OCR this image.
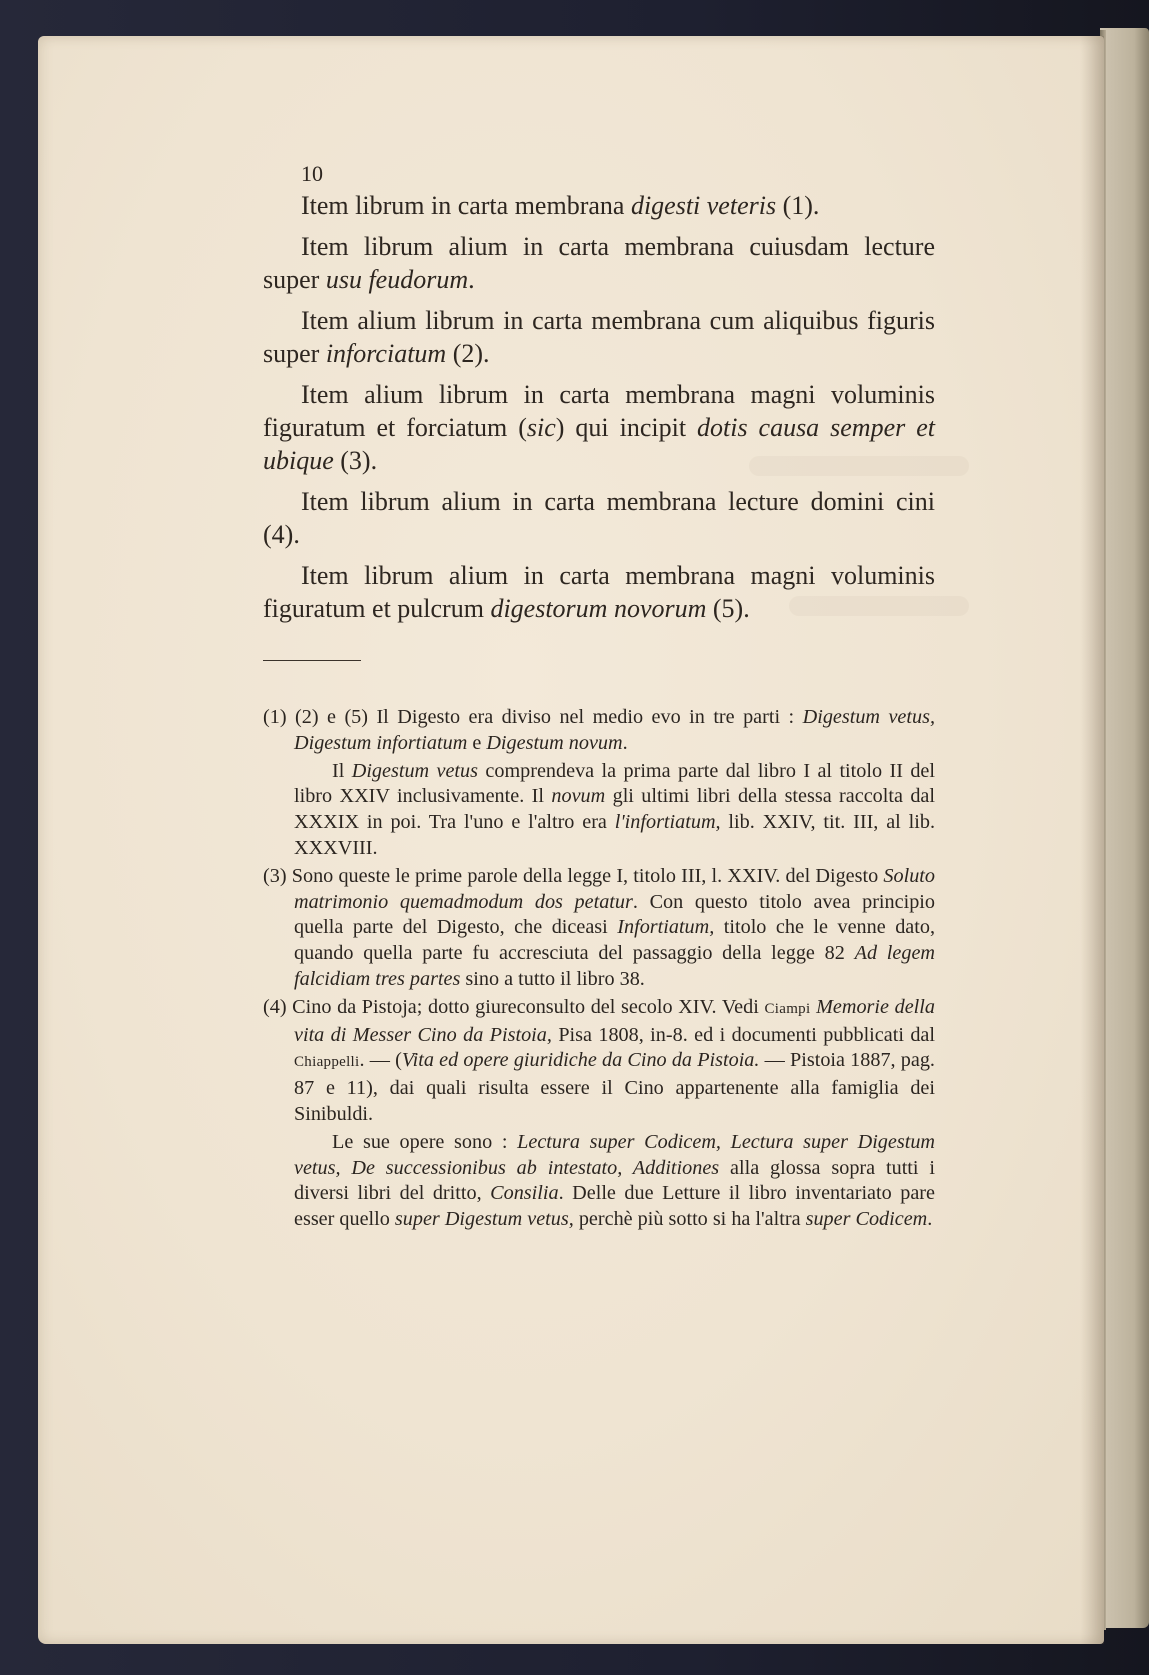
10

Item librum in carta membrana digesti veteris (1).

Item librum alium in carta membrana cuiusdam lecture super usu feudorum.

Item alium librum in carta membrana cum aliquibus figuris super inforciatum (2).

Item alium librum in carta membrana magni voluminis figuratum et forciatum (sic) qui incipit dotis causa semper et ubique (3).

Item librum alium in carta membrana lecture domini cini (4).

Item librum alium in carta membrana magni voluminis figuratum et pulcrum digestorum novorum (5).

(1) (2) e (5) Il Digesto era diviso nel medio evo in tre parti : Digestum vetus, Digestum infortiatum e Digestum novum.

Il Digestum vetus comprendeva la prima parte dal libro I al titolo II del libro XXIV inclusivamente. Il novum gli ultimi libri della stessa raccolta dal XXXIX in poi. Tra l'uno e l'altro era l'infortiatum, lib. XXIV, tit. III, al lib. XXXVIII.

(3) Sono queste le prime parole della legge I, titolo III, l. XXIV. del Digesto Soluto matrimonio quemadmodum dos petatur. Con questo titolo avea principio quella parte del Digesto, che diceasi Infortiatum, titolo che le venne dato, quando quella parte fu accresciuta del passaggio della legge 82 Ad legem falcidiam tres partes sino a tutto il libro 38.

(4) Cino da Pistoja; dotto giureconsulto del secolo XIV. Vedi Ciampi Memorie della vita di Messer Cino da Pistoia, Pisa 1808, in-8. ed i documenti pubblicati dal Chiappelli. — (Vita ed opere giuridiche da Cino da Pistoia. — Pistoia 1887, pag. 87 e 11), dai quali risulta essere il Cino appartenente alla famiglia dei Sinibuldi.

Le sue opere sono : Lectura super Codicem, Lectura super Digestum vetus, De successionibus ab intestato, Additiones alla glossa sopra tutti i diversi libri del dritto, Consilia. Delle due Letture il libro inventariato pare esser quello super Digestum vetus, perchè più sotto si ha l'altra super Codicem.
